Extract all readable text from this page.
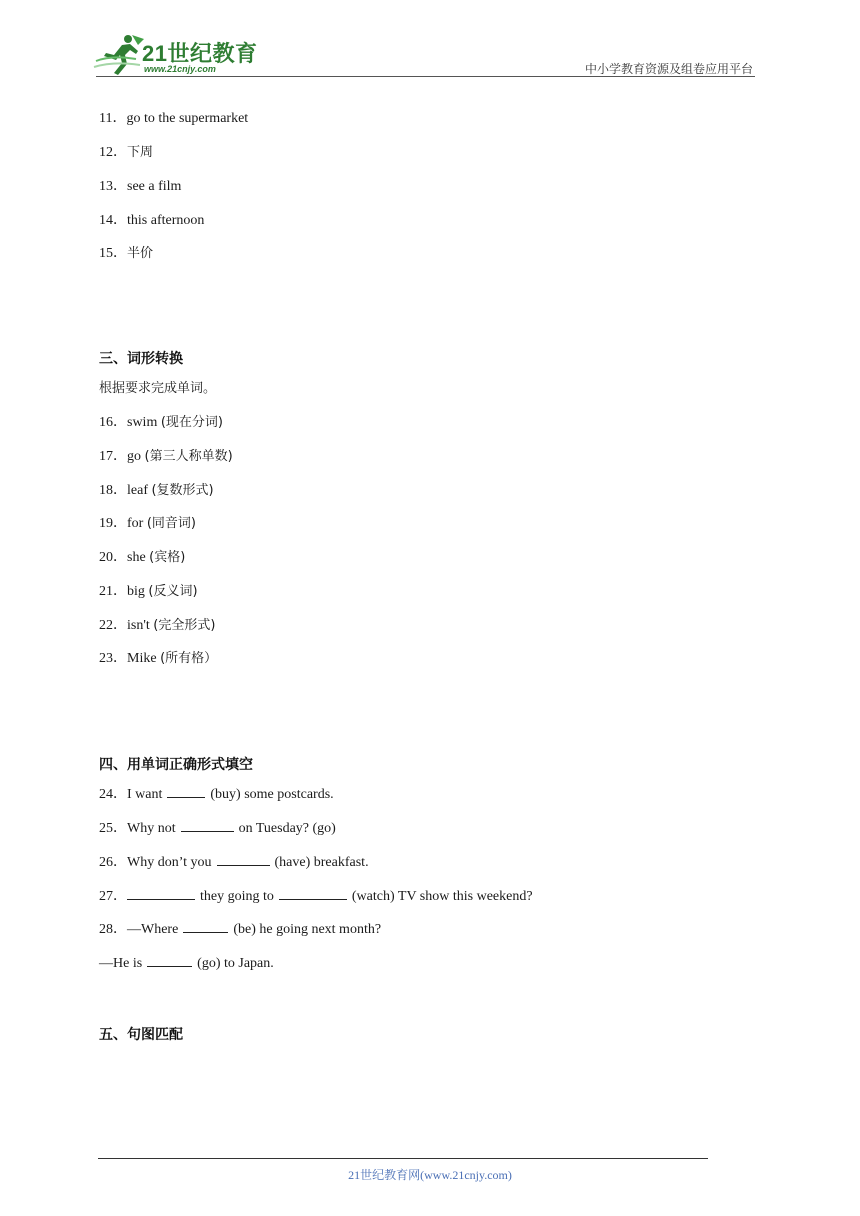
21世纪教育
www.21cnjy.com	中小学教育资源及组卷应用平台
11．go to the supermarket
12．下周
13．see a film
14．this afternoon
15．半价
三、词形转换
根据要求完成单词。
16．swim (现在分词)
17．go (第三人称单数)
18．leaf (复数形式)
19．for (同音词)
20．she (宾格)
21．big (反义词)
22．isn't (完全形式)
23．Mike (所有格）
四、用单词正确形式填空
24．I want	(buy) some postcards.
25．Why not	on Tuesday? (go)
26．Why don’t you	(have) breakfast.
27．	they going to	(watch) TV show this weekend?
28．—Where	(be) he going next month?
—He is	(go) to Japan.
五、句图匹配
21世纪教育网(www.21cnjy.com)
